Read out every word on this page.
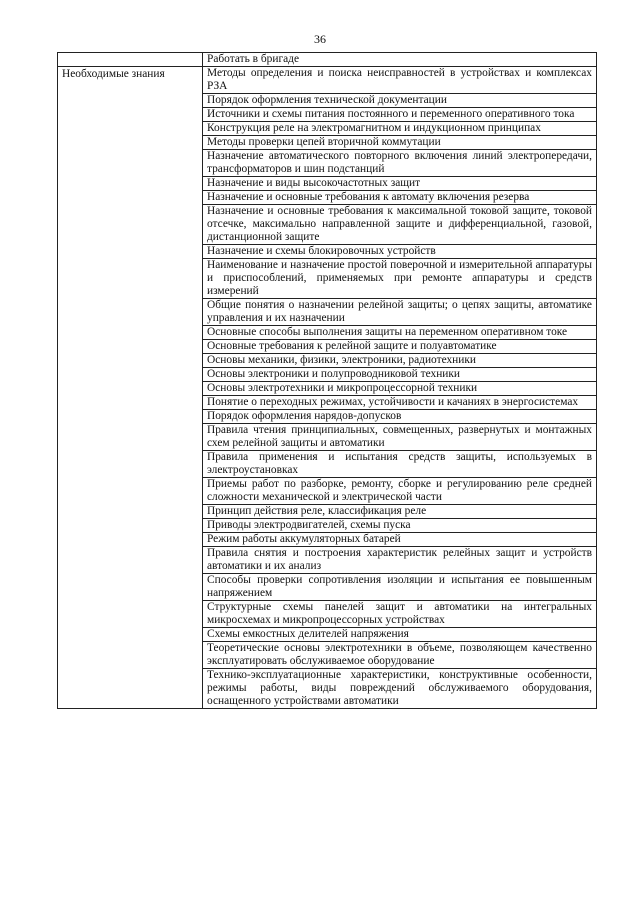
36
	Работать в бригаде
Необходимые знания	Методы определения и поиска неисправностей в устройствах и комплексах РЗА
	Порядок оформления технической документации
	Источники и схемы питания постоянного и переменного оперативного тока
	Конструкция реле на электромагнитном и индукционном принципах
	Методы проверки цепей вторичной коммутации
	Назначение автоматического повторного включения линий электропередачи, трансформаторов и шин подстанций
	Назначение и виды высокочастотных защит
	Назначение и основные требования к автомату включения резерва
	Назначение и основные требования к максимальной токовой защите, токовой отсечке, максимально направленной защите и дифференциальной, газовой, дистанционной защите
	Назначение и схемы блокировочных устройств
	Наименование и назначение простой поверочной и измерительной аппаратуры и приспособлений, применяемых при ремонте аппаратуры и средств измерений
	Общие понятия о назначении релейной защиты; о цепях защиты, автоматике управления и их назначении
	Основные способы выполнения защиты на переменном оперативном токе
	Основные требования к релейной защите и полуавтоматике
	Основы механики, физики, электроники, радиотехники
	Основы электроники и полупроводниковой техники
	Основы электротехники и микропроцессорной техники
	Понятие о переходных режимах, устойчивости и качаниях в энергосистемах
	Порядок оформления нарядов-допусков
	Правила чтения принципиальных, совмещенных, развернутых и монтажных схем релейной защиты и автоматики
	Правила применения и испытания средств защиты, используемых в электроустановках
	Приемы работ по разборке, ремонту, сборке и регулированию реле средней сложности механической и электрической части
	Принцип действия реле, классификация реле
	Приводы электродвигателей, схемы пуска
	Режим работы аккумуляторных батарей
	Правила снятия и построения характеристик релейных защит и устройств автоматики и их анализ
	Способы проверки сопротивления изоляции и испытания ее повышенным напряжением
	Структурные схемы панелей защит и автоматики на интегральных микросхемах и микропроцессорных устройствах
	Схемы емкостных делителей напряжения
	Теоретические основы электротехники в объеме, позволяющем качественно эксплуатировать обслуживаемое оборудование
	Технико-эксплуатационные характеристики, конструктивные особенности, режимы работы, виды повреждений обслуживаемого оборудования, оснащенного устройствами автоматики
